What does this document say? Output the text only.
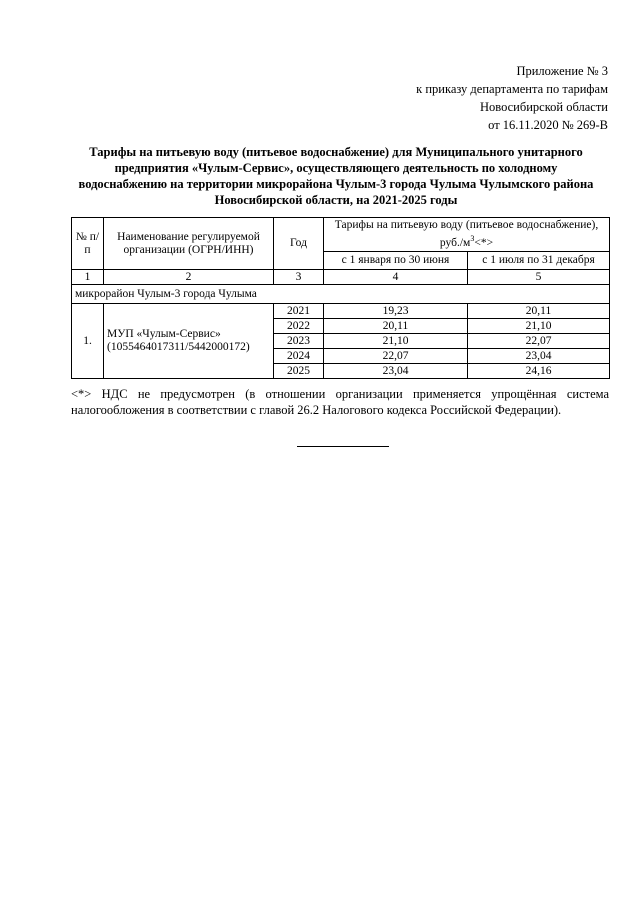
Приложение № 3
к приказу департамента по тарифам
Новосибирской области
от 16.11.2020 № 269-В
Тарифы на питьевую воду (питьевое водоснабжение) для Муниципального унитарного предприятия «Чулым-Сервис», осуществляющего деятельность по холодному водоснабжению на территории микрорайона Чулым-3 города Чулыма Чулымского района Новосибирской области, на 2021-2025 годы
№ п/п	Наименование регулируемой организации (ОГРН/ИНН)	Год	Тарифы на питьевую воду (питьевое водоснабжение), $руб./м^3<*>$	
			с 1 января по 30 июня	с 1 июля по 31 декабря
1	2	3	4	5
микрорайон Чулым-3 города Чулыма				
1.	МУП «Чулым-Сервис» (1055464017311/5442000172)	2021	19,23	20,11
		2022	20,11	21,10
		2023	21,10	22,07
		2024	22,07	23,04
		2025	23,04	24,16
<*> НДС не предусмотрен (в отношении организации применяется упрощённая система налогообложения в соответствии с главой 26.2 Налогового кодекса Российской Федерации).
